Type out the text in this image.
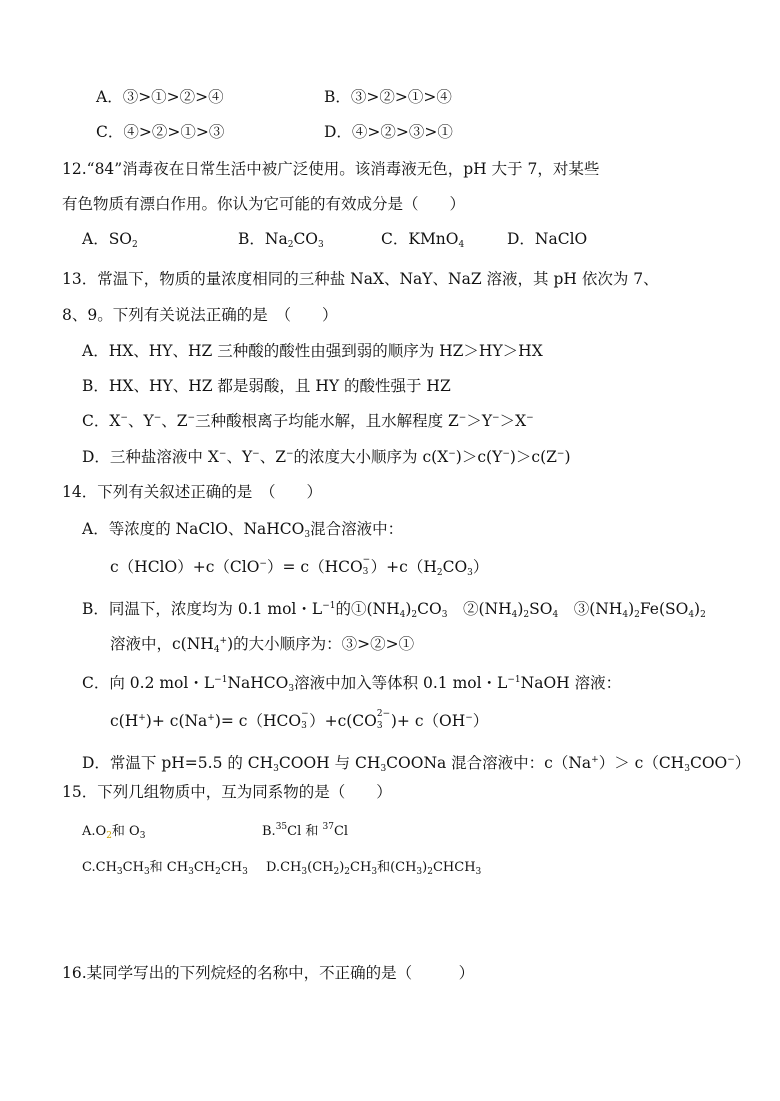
A．③>①>②>④	B．③>②>①>④
C．④>②>①>③	D．④>②>③>①
12.“84”消毒夜在日常生活中被广泛使用。该消毒液无色，pH 大于 7，对某些
有色物质有漂白作用。你认为它可能的有效成分是（　　）
A．$SO_2$	B．$Na_2CO_3$	C．KMnO$_4$	D．NaClO
13．常温下，物质的量浓度相同的三种盐 NaX、NaY、NaZ 溶液，其 pH 依次为 7、
8、9。下列有关说法正确的是　（　　）
A．HX、HY、HZ 三种酸的酸性由强到弱的顺序为 HZ＞HY＞HX
B．HX、HY、HZ 都是弱酸，且 HY 的酸性强于 HZ
C．X−、Y−、Z−三种酸根离子均能水解，且水解程度 Z−＞Y−＞X−
D．三种盐溶液中 X−、Y−、Z−的浓度大小顺序为 c(X−)＞c(Y−)＞c(Z−)
14．下列有关叙述正确的是　（　　）
A．等浓度的 NaClO、NaHCO$_3$混合溶液中：
c（HClO）+c（ClO−）= c（HCO −
3 ）$+c(H_2CO_3)$
B．同温下，浓度均为 0.1 mol・$L^{-1}$的$①(NH_4)_2CO_3$　$②(NH_4)_2SO_4$　$③(NH_4)_2Fe(SO_4)_2$
溶液中，$c(NH_4^+)$的大小顺序为：③>②>①
C．向 0.2 mol・$L^{-1}NaHCO_3$溶液中加入等体积 0.1 mol・$L^{-1}NaOH$ 溶液：
c(H+)+ c(Na+)= c（HCO −
3 ）+c(CO 2−
3 )+ c（OH−）
D．常温下 pH=5.5 的 $CH_3COOH$ 与 $CH_3COONa$ 混合溶液中：$c(Na^+)> c(CH_3COO^-)$
15．下列几组物质中，互为同系物的是（　　）
$A.O_2$和 $O_3$	B.$^{35}$Cl 和 $^{37}$Cl
$C.CH_3CH_3$和 $CH_3CH_2CH_3$ $D.CH_3(CH_2)_2CH_3$和$(CH_3)_2CHCH_3$
16.某同学写出的下列烷烃的名称中，不正确的是（　　　）
